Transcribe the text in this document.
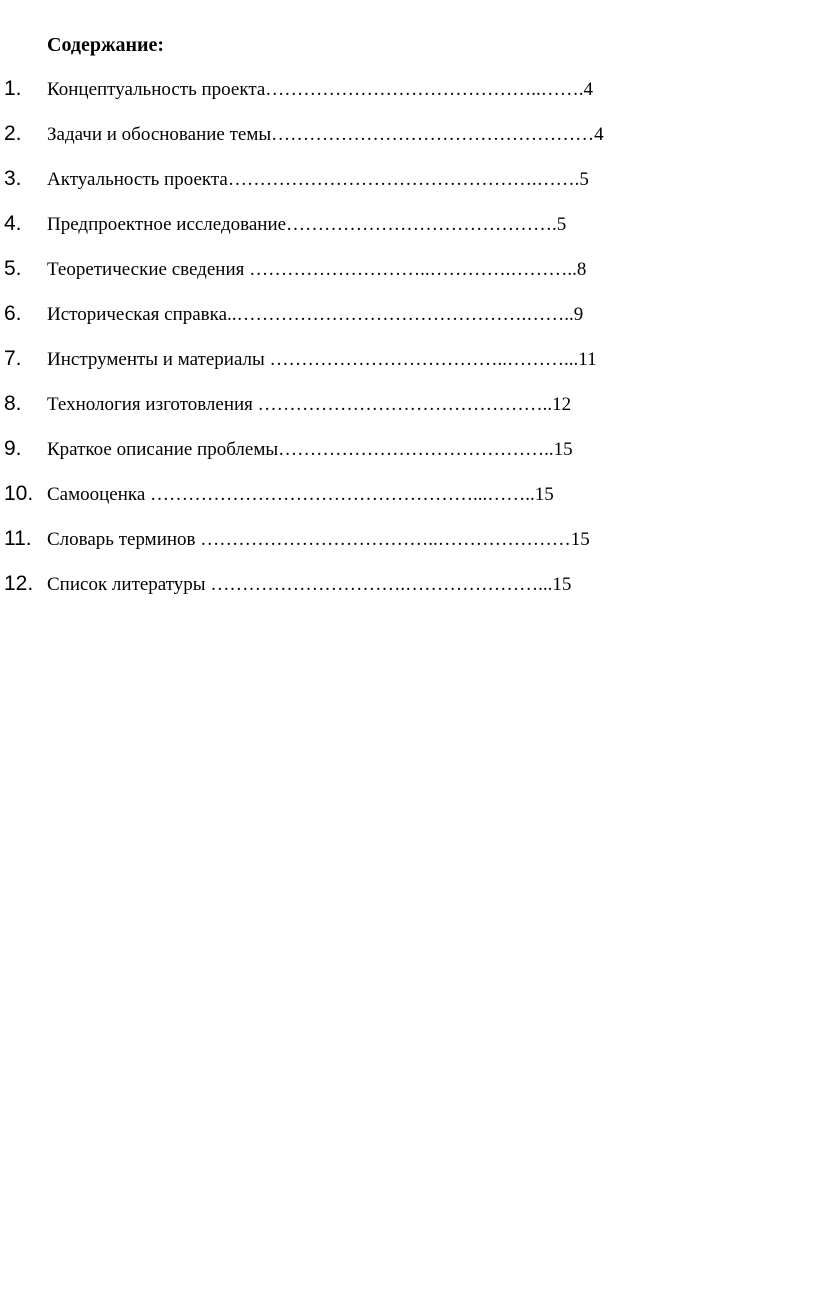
Содержание:
1. Концептуальность проекта……………………………………..…….4
2. Задачи и обоснование темы……………………………………………4
3. Актуальность проекта………………………………………….…….5
4. Предпроектное исследование…………………………………….5
5. Теоретические сведения ………………………..………….………..8
6. Историческая справка..……………………………………….……..9
7. Инструменты и материалы ………………………………..………...11
8. Технология изготовления ………………………………………..12
9. Краткое описание проблемы……………………………………..15
10. Самооценка ……………………………………………...……..15
11. Словарь терминов ………………………………..…………………15
12. Список литературы ………………………….…………………...15
